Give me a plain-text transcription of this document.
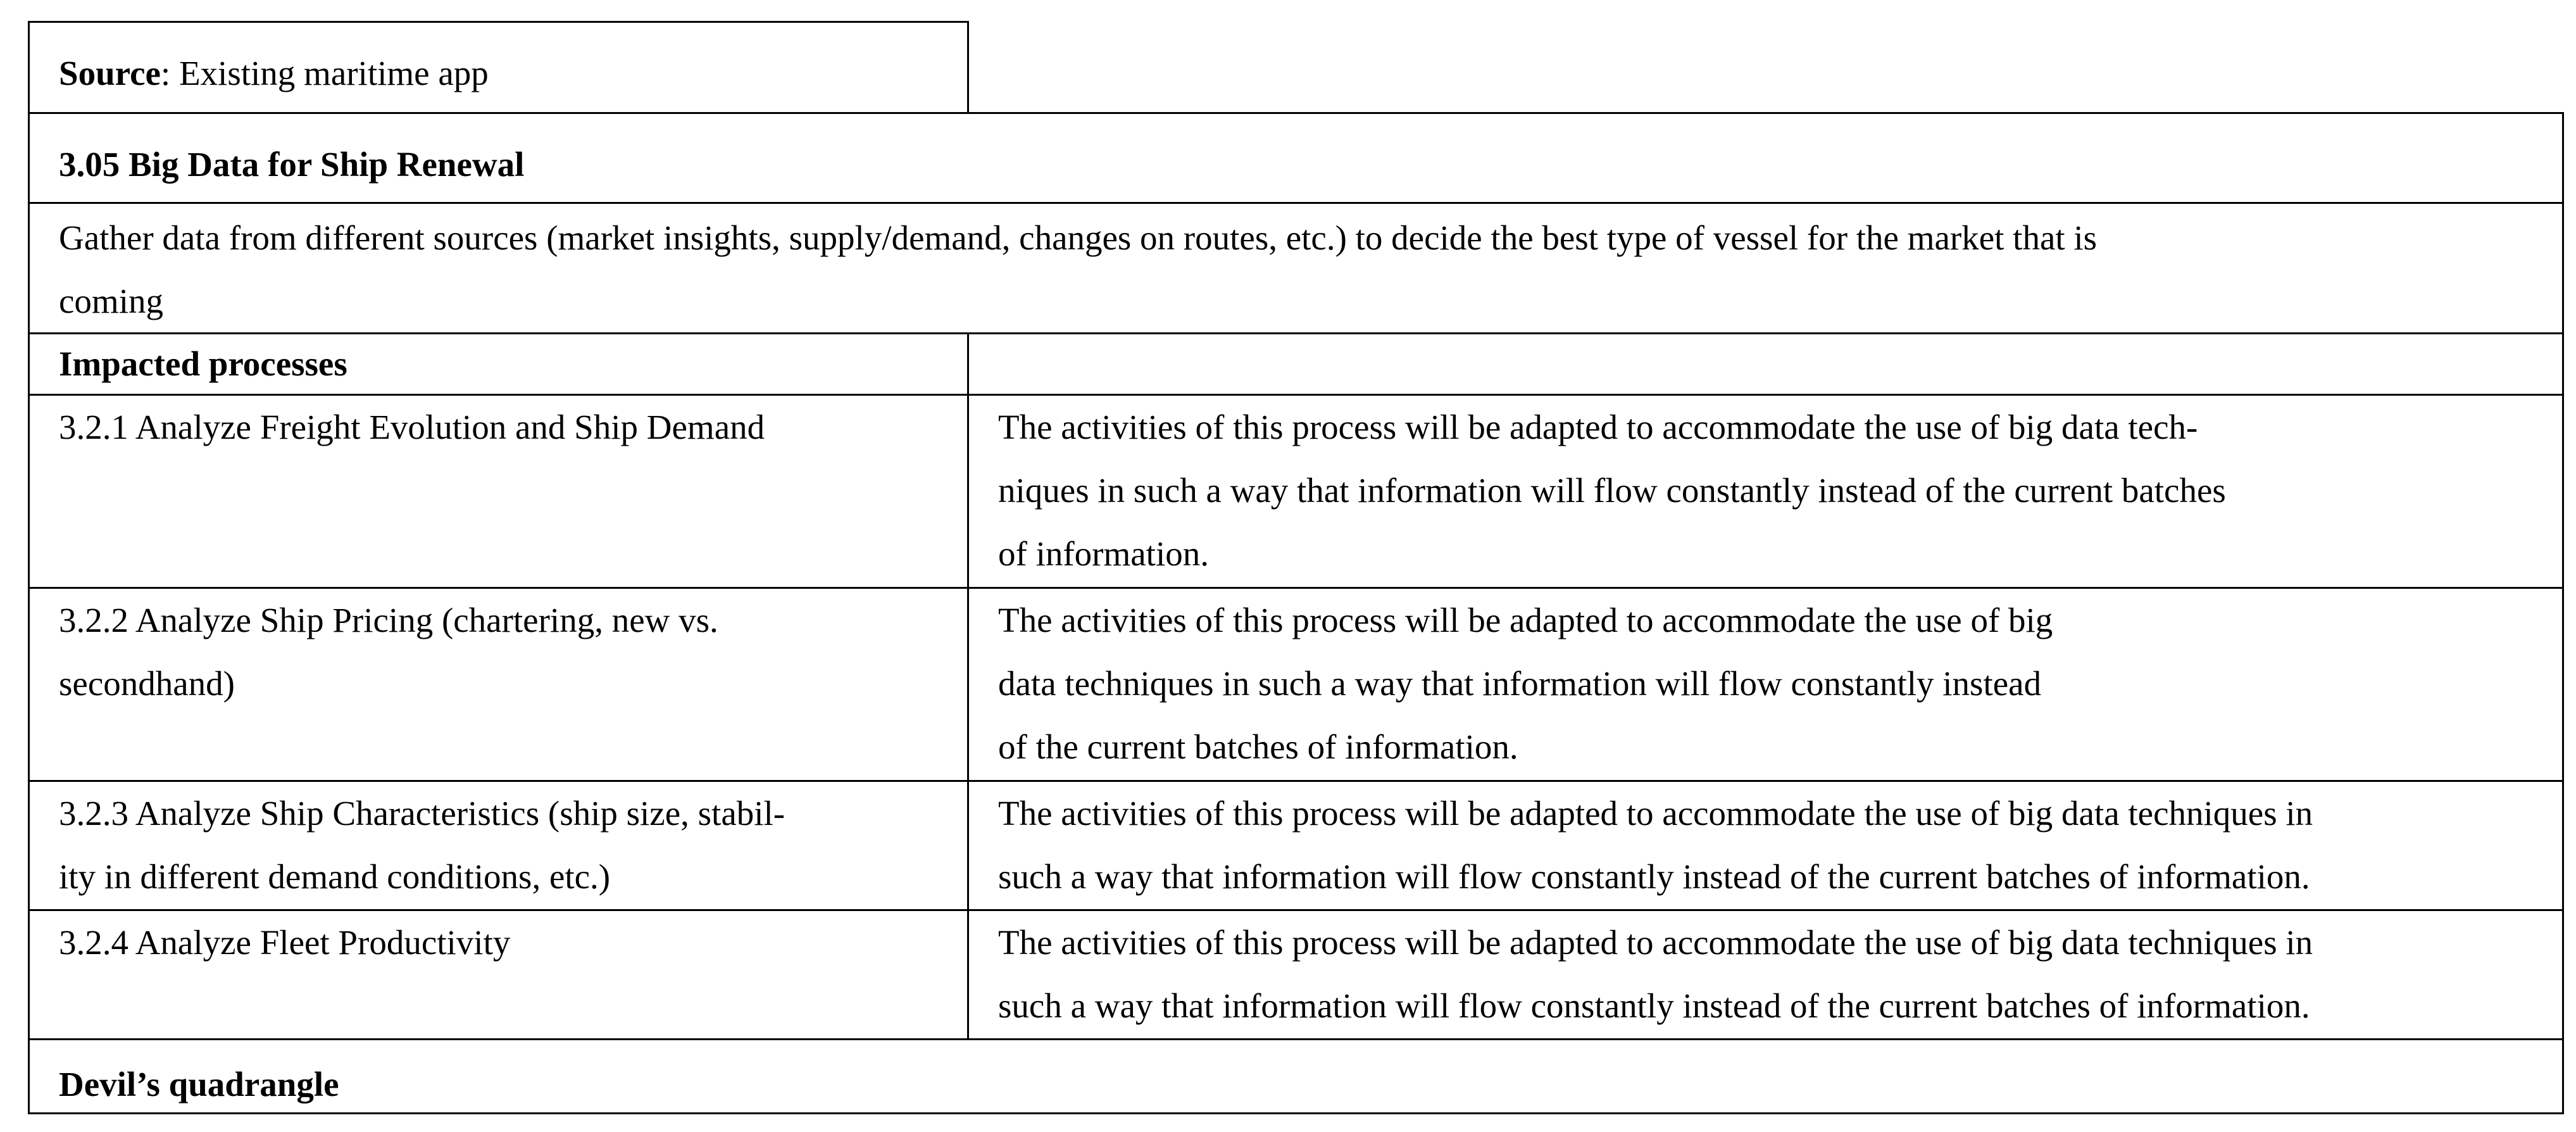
Source: Existing maritime app
3.05 Big Data for Ship Renewal
Gather data from different sources (market insights, supply/demand, changes on routes, etc.) to decide the best type of vessel for the market that is
coming
Impacted processes
3.2.1 Analyze Freight Evolution and Ship Demand	The activities of this process will be adapted to accommodate the use of big data tech-
niques in such a way that information will flow constantly instead of the current batches
of information.
3.2.2 Analyze Ship Pricing (chartering, new vs.
secondhand)
The activities of this process will be adapted to accommodate the use of big
data techniques in such a way that information will flow constantly instead
of the current batches of information.
3.2.3 Analyze Ship Characteristics (ship size, stabil-
ity in different demand conditions, etc.)
The activities of this process will be adapted to accommodate the use of big data techniques in
such a way that information will flow constantly instead of the current batches of information.
3.2.4 Analyze Fleet Productivity	The activities of this process will be adapted to accommodate the use of big data techniques in
such a way that information will flow constantly instead of the current batches of information.
Devil’s quadrangle
